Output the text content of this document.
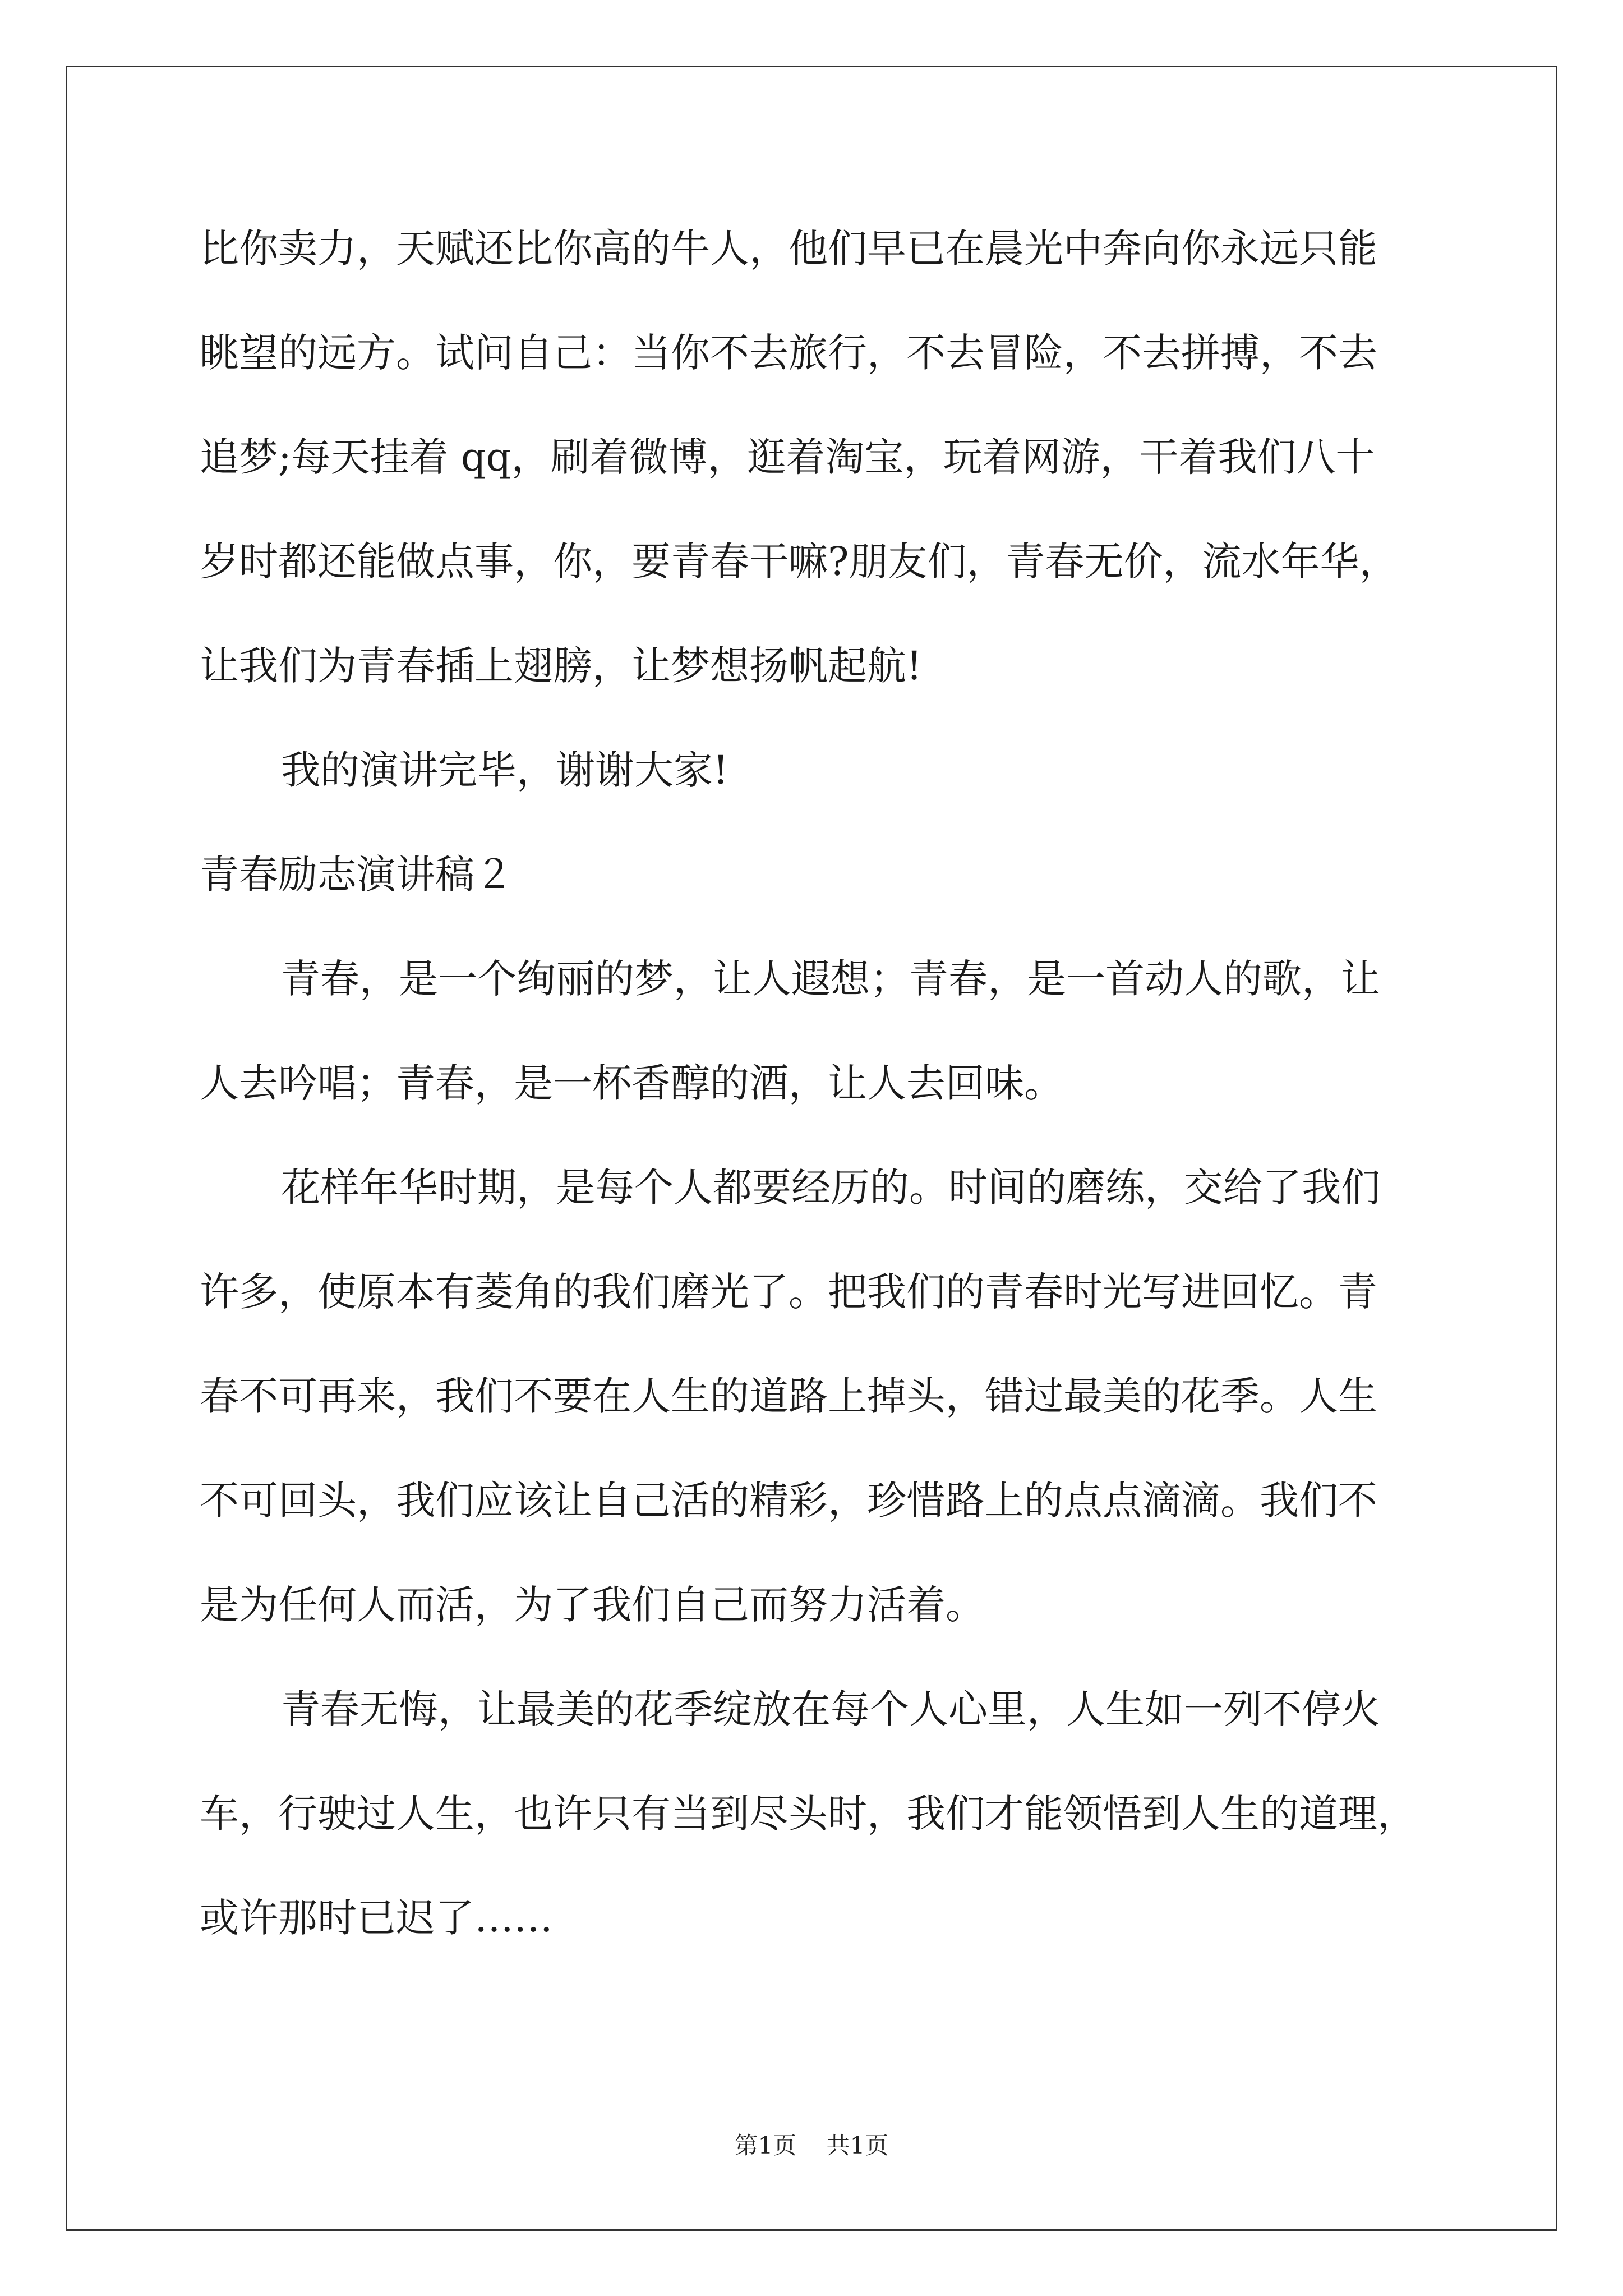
比你卖力，天赋还比你高的牛人，他们早已在晨光中奔向你永远只能
眺望的远方。试问自己：当你不去旅行，不去冒险，不去拼搏，不去
追梦;每天挂着 qq，刷着微博，逛着淘宝，玩着网游，干着我们八十
岁时都还能做点事，你，要青春干嘛?朋友们，青春无价，流水年华，
让我们为青春插上翅膀，让梦想扬帆起航!
我的演讲完毕，谢谢大家!
青春励志演讲稿２
青春，是一个绚丽的梦，让人遐想；青春，是一首动人的歌，让
人去吟唱；青春，是一杯香醇的酒，让人去回味。
花样年华时期，是每个人都要经历的。时间的磨练，交给了我们
许多，使原本有菱角的我们磨光了。把我们的青春时光写进回忆。青
春不可再来，我们不要在人生的道路上掉头，错过最美的花季。人生
不可回头，我们应该让自己活的精彩，珍惜路上的点点滴滴。我们不
是为任何人而活，为了我们自己而努力活着。
青春无悔，让最美的花季绽放在每个人心里，人生如一列不停火
车，行驶过人生，也许只有当到尽头时，我们才能领悟到人生的道理，
或许那时已迟了……
第1页 共1页
